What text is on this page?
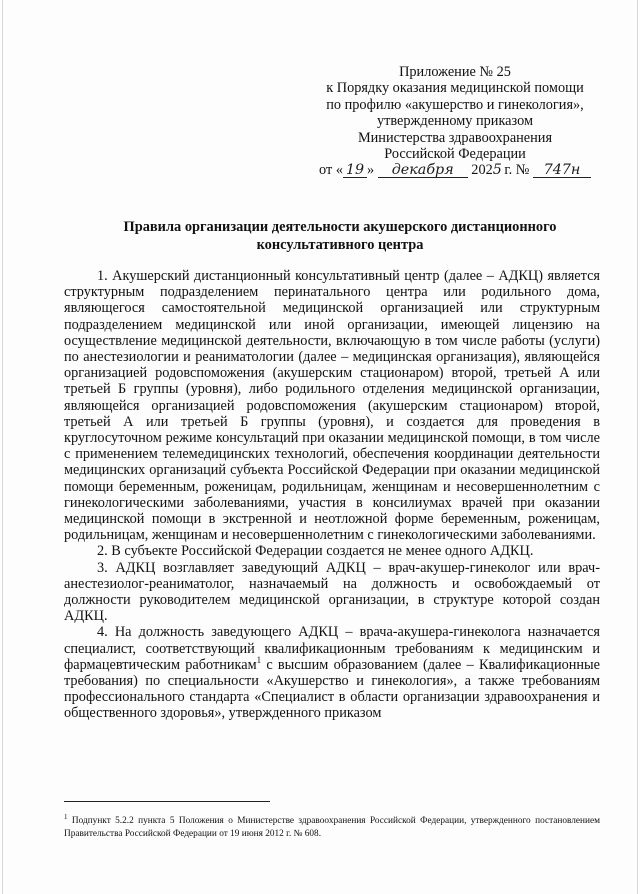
Приложение № 25
к Порядку оказания медицинской помощи
по профилю «акушерство и гинекология»,
утвержденному приказом
Министерства здравоохранения
Российской Федерации
от « 19 » декабря 2025 г. № 747н
Правила организации деятельности акушерского дистанционного
консультативного центра

1. Акушерский дистанционный консультативный центр (далее – АДКЦ) является структурным подразделением перинатального центра или родильного дома, являющегося самостоятельной медицинской организацией или структурным подразделением медицинской или иной организации, имеющей лицензию на осуществление медицинской деятельности, включающую в том числе работы (услуги) по анестезиологии и реаниматологии (далее – медицинская организация), являющейся организацией родовспоможения (акушерским стационаром) второй, третьей А или третьей Б группы (уровня), либо родильного отделения медицинской организации, являющейся организацией родовспоможения (акушерским стационаром) второй, третьей А или третьей Б группы (уровня), и создается для проведения в круглосуточном режиме консультаций при оказании медицинской помощи, в том числе с применением телемедицинских технологий, обеспечения координации деятельности медицинских организаций субъекта Российской Федерации при оказании медицинской помощи беременным, роженицам, родильницам, женщинам и несовершеннолетним с гинекологическими заболеваниями, участия в консилиумах врачей при оказании медицинской помощи в экстренной и неотложной форме беременным, роженицам, родильницам, женщинам и несовершеннолетним с гинекологическими заболеваниями.

2. В субъекте Российской Федерации создается не менее одного АДКЦ.

3. АДКЦ возглавляет заведующий АДКЦ – врач-акушер-гинеколог или врач-анестезиолог-реаниматолог, назначаемый на должность и освобождаемый от должности руководителем медицинской организации, в структуре которой создан АДКЦ.

4. На должность заведующего АДКЦ – врача-акушера-гинеколога назначается специалист, соответствующий квалификационным требованиям к медицинским и фармацевтическим работникам$^1$ с высшим образованием (далее – Квалификационные требования) по специальности «Акушерство и гинекология», а также требованиям профессионального стандарта «Специалист в области организации здравоохранения и общественного здоровья», утвержденного приказом

$^1$ Подпункт 5.2.2 пункта 5 Положения о Министерстве здравоохранения Российской Федерации, утвержденного постановлением Правительства Российской Федерации от 19 июня 2012 г. № 608.
